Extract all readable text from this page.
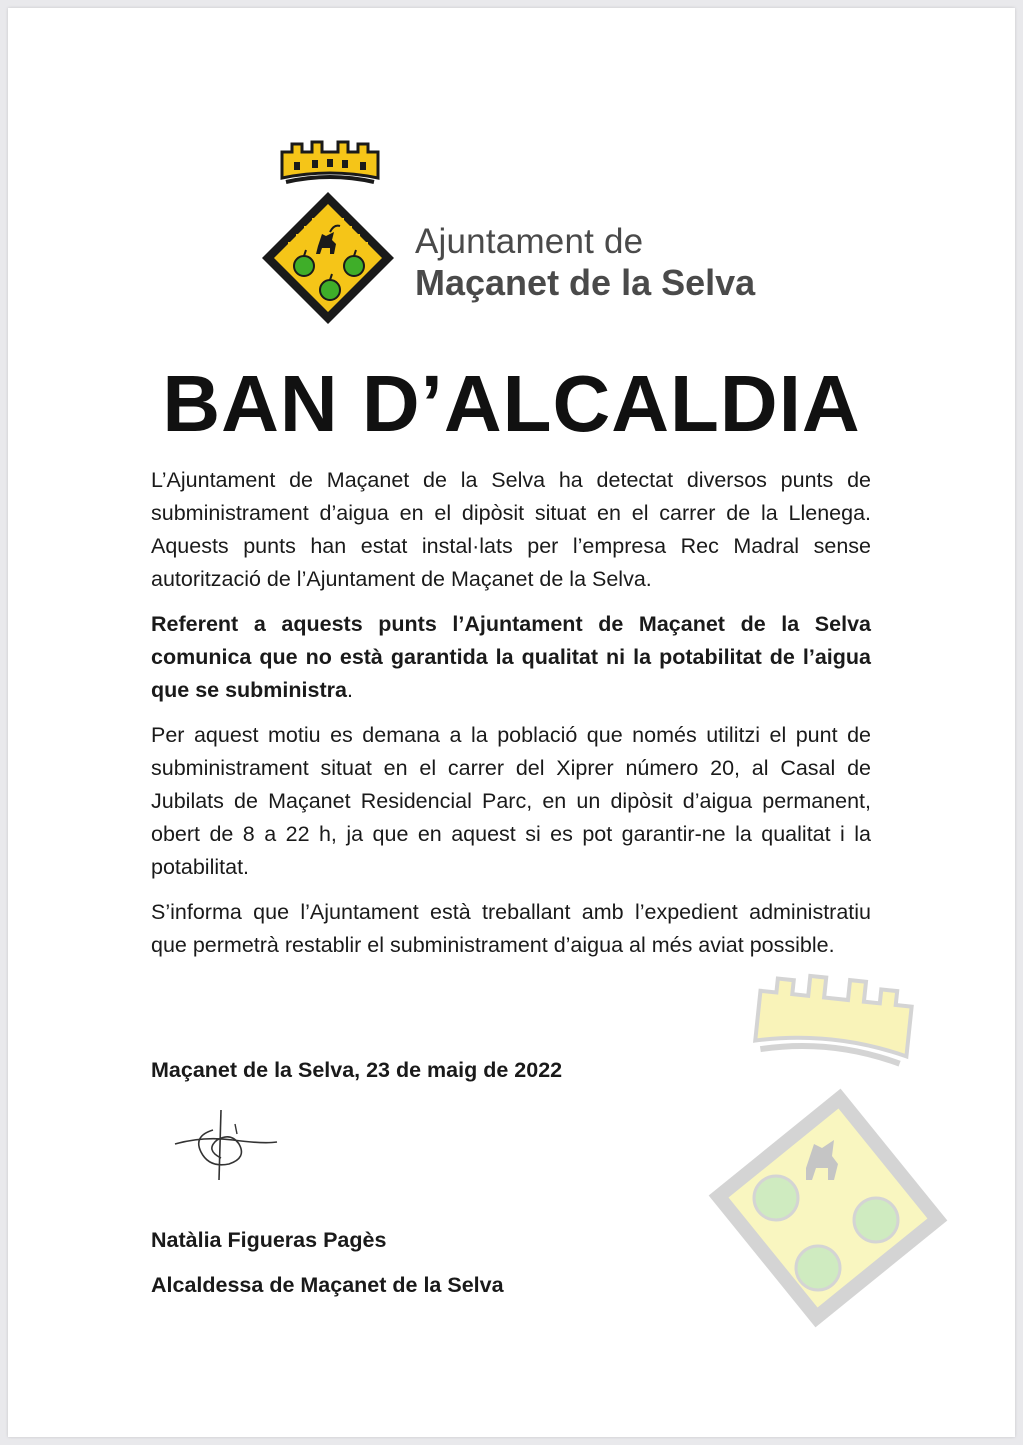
Ajuntament de
Maçanet de la Selva
BAN D’ALCALDIA

L’Ajuntament de Maçanet de la Selva ha detectat diversos punts de subministrament d’aigua en el dipòsit situat en el carrer de la Llenega. Aquests punts han estat instal·lats per l’empresa Rec Madral sense autorització de l’Ajuntament de Maçanet de la Selva.

Referent a aquests punts l’Ajuntament de Maçanet de la Selva comunica que no està garantida la qualitat ni la potabilitat de l’aigua que se subministra.

Per aquest motiu es demana a la població que només utilitzi el punt de subministrament situat en el carrer del Xiprer número 20, al Casal de Jubilats de Maçanet Residencial Parc, en un dipòsit d’aigua permanent, obert de 8 a 22 h, ja que en aquest si es pot garantir-ne la qualitat i la potabilitat.

S’informa que l’Ajuntament està treballant amb l’expedient administratiu que permetrà restablir el subministrament d’aigua al més aviat possible.

Maçanet de la Selva, 23 de maig de 2022
Natàlia Figueras Pagès
Alcaldessa de Maçanet de la Selva
